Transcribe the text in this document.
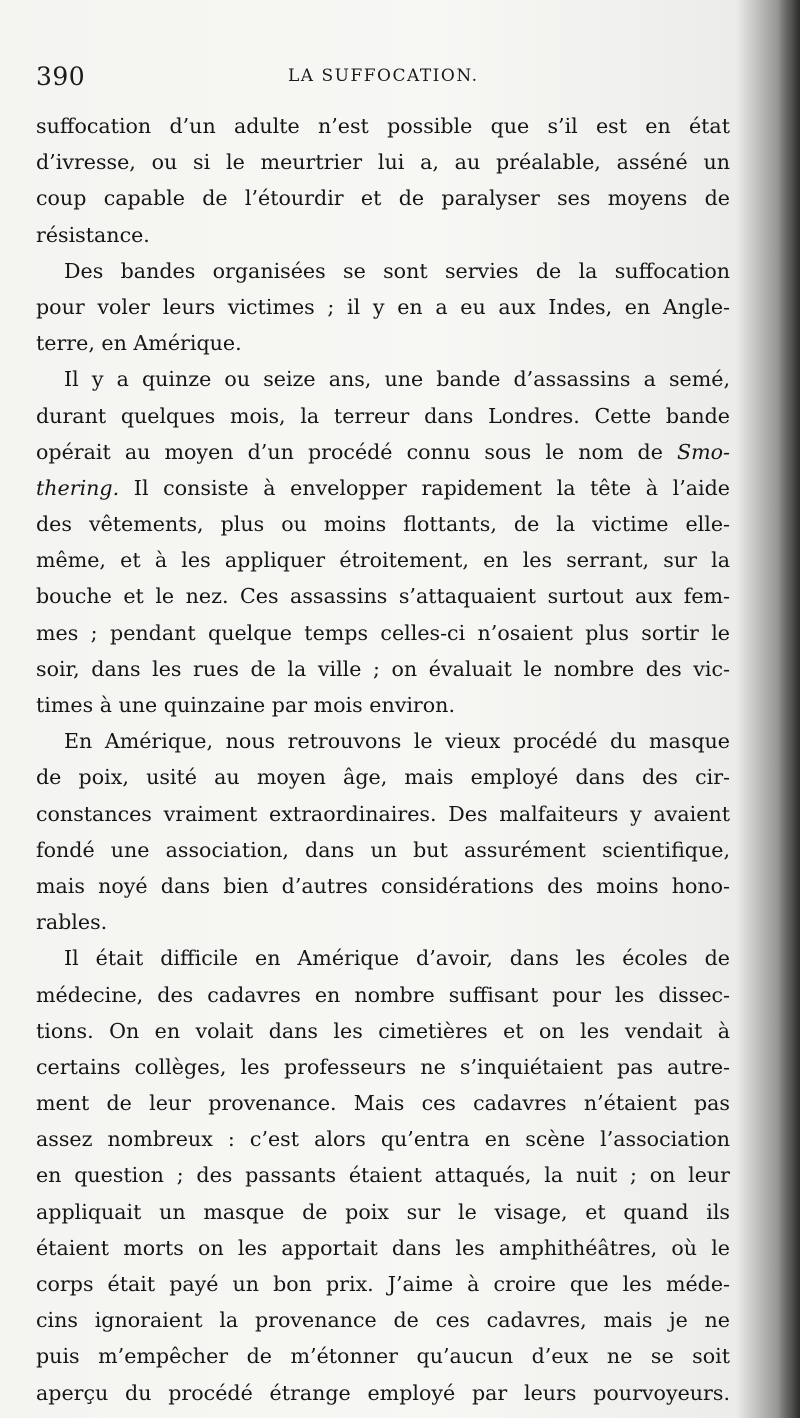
390	LA SUFFOCATION.
suffocation d’un adulte n’est possible que s’il est en état
d’ivresse, ou si le meurtrier lui a, au préalable, asséné un
coup capable de l’étourdir et de paralyser ses moyens de
résistance.
Des bandes organisées se sont servies de la suffocation
pour voler leurs victimes ; il y en a eu aux Indes, en Angle-
terre, en Amérique.
Il y a quinze ou seize ans, une bande d’assassins a semé,
durant quelques mois, la terreur dans Londres. Cette bande
opérait au moyen d’un procédé connu sous le nom de Smo-
thering. Il consiste à envelopper rapidement la tête à l’aide
des vêtements, plus ou moins flottants, de la victime elle-
même, et à les appliquer étroitement, en les serrant, sur la
bouche et le nez. Ces assassins s’attaquaient surtout aux fem-
mes ; pendant quelque temps celles-ci n’osaient plus sortir le
soir, dans les rues de la ville ; on évaluait le nombre des vic-
times à une quinzaine par mois environ.
En Amérique, nous retrouvons le vieux procédé du masque
de poix, usité au moyen âge, mais employé dans des cir-
constances vraiment extraordinaires. Des malfaiteurs y avaient
fondé une association, dans un but assurément scientifique,
mais noyé dans bien d’autres considérations des moins hono-
rables.
Il était difficile en Amérique d’avoir, dans les écoles de
médecine, des cadavres en nombre suffisant pour les dissec-
tions. On en volait dans les cimetières et on les vendait à
certains collèges, les professeurs ne s’inquiétaient pas autre-
ment de leur provenance. Mais ces cadavres n’étaient pas
assez nombreux : c’est alors qu’entra en scène l’association
en question ; des passants étaient attaqués, la nuit ; on leur
appliquait un masque de poix sur le visage, et quand ils
étaient morts on les apportait dans les amphithéâtres, où le
corps était payé un bon prix. J’aime à croire que les méde-
cins ignoraient la provenance de ces cadavres, mais je ne
puis m’empêcher de m’étonner qu’aucun d’eux ne se soit
aperçu du procédé étrange employé par leurs pourvoyeurs.
